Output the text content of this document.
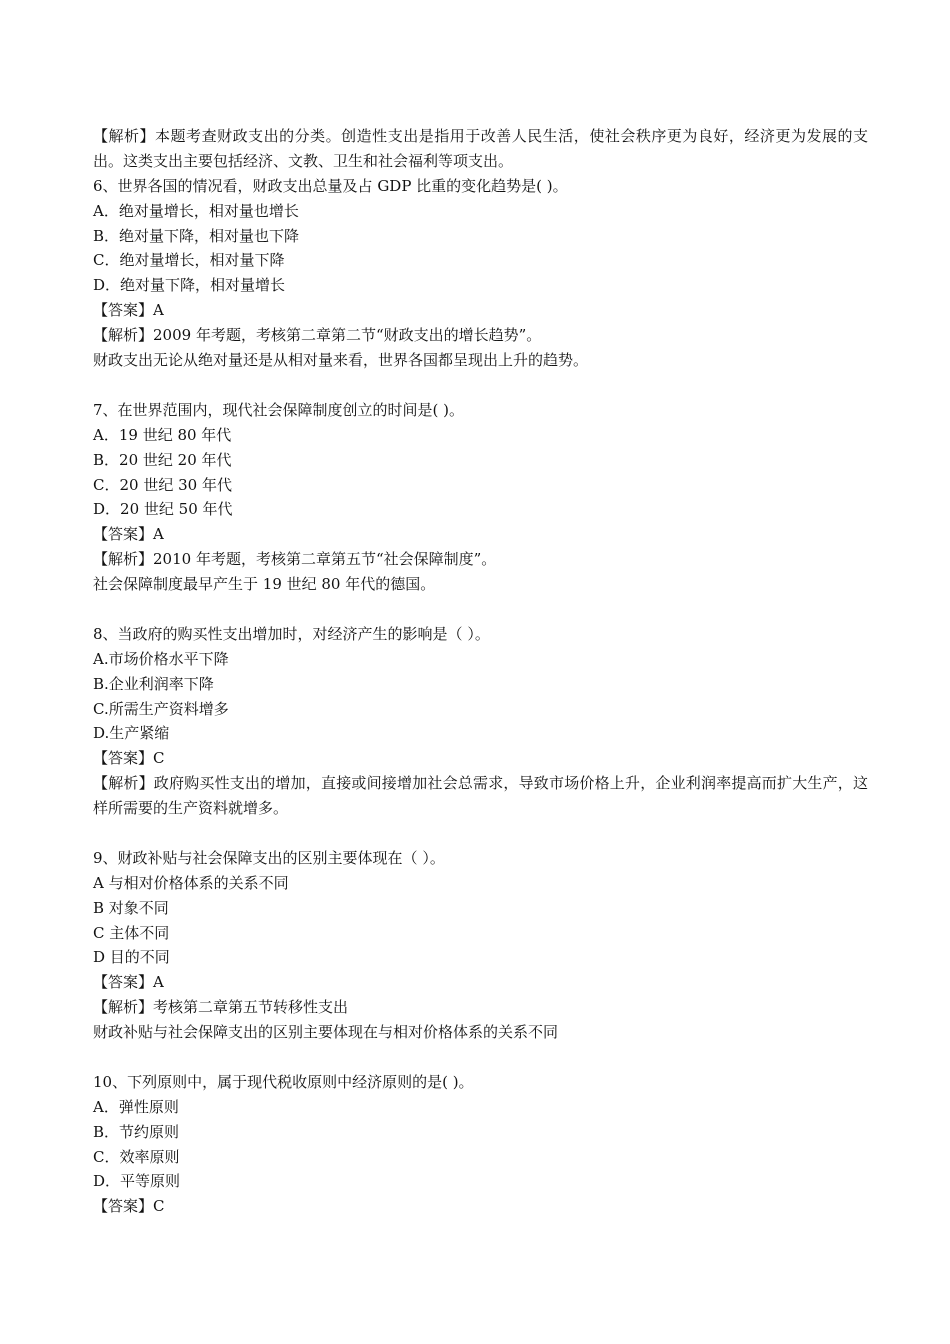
【解析】本题考查财政支出的分类。创造性支出是指用于改善人民生活，使社会秩序更为良好，经济更为发展的支出。这类支出主要包括经济、文教、卫生和社会福利等项支出。
6、世界各国的情况看，财政支出总量及占 GDP 比重的变化趋势是( )。
A．绝对量增长，相对量也增长
B．绝对量下降，相对量也下降
C．绝对量增长，相对量下降
D．绝对量下降，相对量增长
【答案】A
【解析】2009 年考题，考核第二章第二节“财政支出的增长趋势”。
财政支出无论从绝对量还是从相对量来看，世界各国都呈现出上升的趋势。
7、在世界范围内，现代社会保障制度创立的时间是( )。
A．19 世纪 80 年代
B．20 世纪 20 年代
C．20 世纪 30 年代
D．20 世纪 50 年代
【答案】A
【解析】2010 年考题，考核第二章第五节“社会保障制度”。
社会保障制度最早产生于 19 世纪 80 年代的德国。
8、当政府的购买性支出增加时，对经济产生的影响是（ ）。
A.市场价格水平下降
B.企业利润率下降
C.所需生产资料增多
D.生产紧缩
【答案】C
【解析】政府购买性支出的增加，直接或间接增加社会总需求，导致市场价格上升，企业利润率提高而扩大生产，这样所需要的生产资料就增多。
9、财政补贴与社会保障支出的区别主要体现在（ ）。
A 与相对价格体系的关系不同
B 对象不同
C 主体不同
D 目的不同
【答案】A
【解析】考核第二章第五节转移性支出
财政补贴与社会保障支出的区别主要体现在与相对价格体系的关系不同
10、下列原则中，属于现代税收原则中经济原则的是( )。
A．弹性原则
B．节约原则
C．效率原则
D．平等原则
【答案】C
